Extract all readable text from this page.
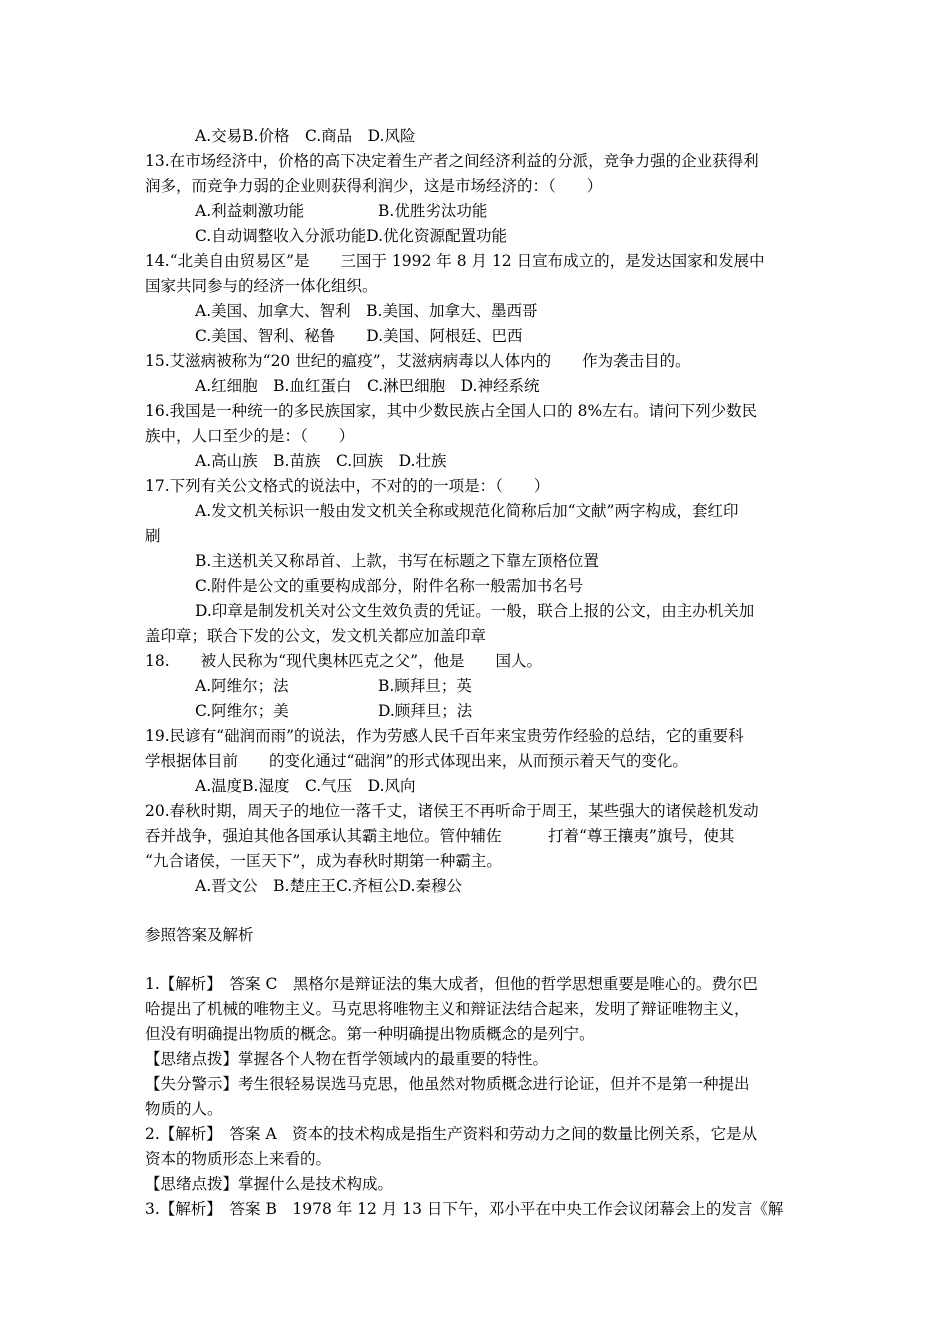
A.交易B.价格　C.商品　D.风险
13.在市场经济中，价格的高下决定着生产者之间经济利益的分派，竞争力强的企业获得利
润多，而竞争力弱的企业则获得利润少，这是市场经济的：（　　）
A.利益刺激功能	B.优胜劣汰功能
C.自动调整收入分派功能D.优化资源配置功能
14.“北美自由贸易区”是　　三国于 1992 年 8 月 12 日宣布成立的，是发达国家和发展中
国家共同参与的经济一体化组织。
A.美国、加拿大、智利　B.美国、加拿大、墨西哥
C.美国、智利、秘鲁　　D.美国、阿根廷、巴西
15.艾滋病被称为“20 世纪的瘟疫”，艾滋病病毒以人体内的　　作为袭击目的。
A.红细胞　B.血红蛋白　C.淋巴细胞　D.神经系统
16.我国是一种统一的多民族国家，其中少数民族占全国人口的 8%左右。请问下列少数民
族中，人口至少的是：（　　）
A.高山族　B.苗族　C.回族　D.壮族
17.下列有关公文格式的说法中，不对的的一项是：（　　）
A.发文机关标识一般由发文机关全称或规范化简称后加“文献”两字构成，套红印
刷
B.主送机关又称昂首、上款，书写在标题之下靠左顶格位置
C.附件是公文的重要构成部分，附件名称一般需加书名号
D.印章是制发机关对公文生效负责的凭证。一般，联合上报的公文，由主办机关加
盖印章；联合下发的公文，发文机关都应加盖印章
18.　　被人民称为“现代奥林匹克之父”，他是　　国人。
A.阿维尔；法	B.顾拜旦；英
C.阿维尔；美	D.顾拜旦；法
19.民谚有“础润而雨”的说法，作为劳感人民千百年来宝贵劳作经验的总结，它的重要科
学根据体目前　　的变化通过“础润”的形式体现出来，从而预示着天气的变化。
A.温度B.湿度　C.气压　D.风向
20.春秋时期，周天子的地位一落千丈，诸侯王不再听命于周王，某些强大的诸侯趁机发动
吞并战争，强迫其他各国承认其霸主地位。管仲辅佐　　　打着“尊王攘夷”旗号，使其
“九合诸侯，一匡天下”，成为春秋时期第一种霸主。
A.晋文公　B.楚庄王C.齐桓公D.秦穆公
参照答案及解析
1.【解析】　答案 C　黑格尔是辩证法的集大成者，但他的哲学思想重要是唯心的。费尔巴
哈提出了机械的唯物主义。马克思将唯物主义和辩证法结合起来，发明了辩证唯物主义，
但没有明确提出物质的概念。第一种明确提出物质概念的是列宁。
【思绪点拨】掌握各个人物在哲学领域内的最重要的特性。
【失分警示】考生很轻易误选马克思，他虽然对物质概念进行论证，但并不是第一种提出
物质的人。
2.【解析】　答案 A　资本的技术构成是指生产资料和劳动力之间的数量比例关系，它是从
资本的物质形态上来看的。
【思绪点拨】掌握什么是技术构成。
3.【解析】　答案 B　1978 年 12 月 13 日下午，邓小平在中央工作会议闭幕会上的发言《解
